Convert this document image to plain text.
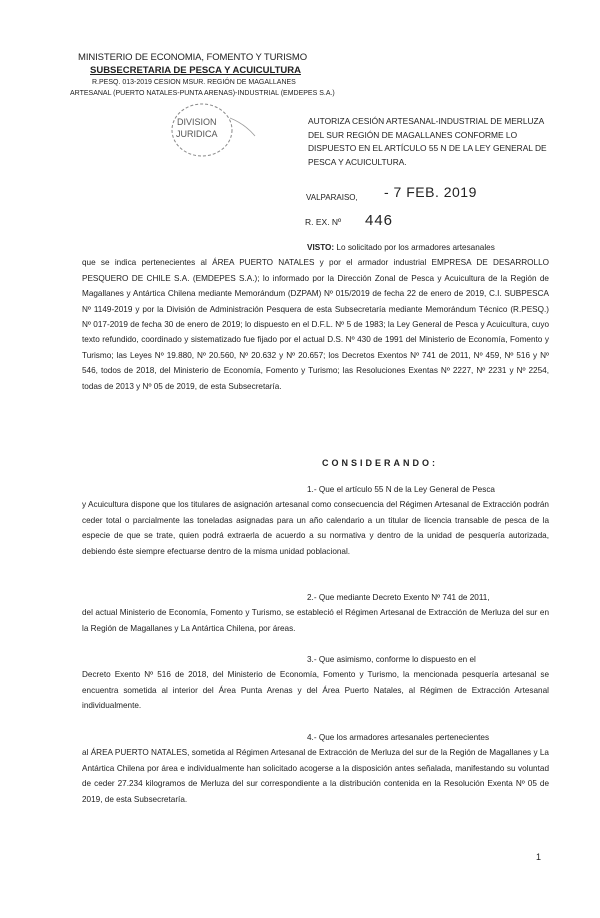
MINISTERIO DE ECONOMIA, FOMENTO Y TURISMO
SUBSECRETARIA DE PESCA Y ACUICULTURA
R.PESQ. 013-2019 CESION MSUR. REGIÓN DE MAGALLANES
ARTESANAL (PUERTO NATALES-PUNTA ARENAS)-INDUSTRIAL (EMDEPES S.A.)
DIVISION
JURIDICA
AUTORIZA CESIÓN ARTESANAL-INDUSTRIAL DE MERLUZA DEL SUR REGIÓN DE MAGALLANES CONFORME LO DISPUESTO EN EL ARTÍCULO 55 N DE LA LEY GENERAL DE PESCA Y ACUICULTURA.
VALPARAISO, - 7 FEB. 2019
R. EX. Nº 446
VISTO: Lo solicitado por los armadores artesanales
que se indica pertenecientes al ÁREA PUERTO NATALES y por el armador industrial EMPRESA DE DESARROLLO PESQUERO DE CHILE S.A. (EMDEPES S.A.); lo informado por la Dirección Zonal de Pesca y Acuicultura de la Región de Magallanes y Antártica Chilena mediante Memorándum (DZPAM) Nº 015/2019 de fecha 22 de enero de 2019, C.I. SUBPESCA Nº 1149-2019 y por la División de Administración Pesquera de esta Subsecretaría mediante Memorándum Técnico (R.PESQ.) Nº 017-2019 de fecha 30 de enero de 2019; lo dispuesto en el D.F.L. Nº 5 de 1983; la Ley General de Pesca y Acuicultura, cuyo texto refundido, coordinado y sistematizado fue fijado por el actual D.S. Nº 430 de 1991 del Ministerio de Economía, Fomento y Turismo; las Leyes Nº 19.880, Nº 20.560, Nº 20.632 y Nº 20.657; los Decretos Exentos Nº 741 de 2011, Nº 459, Nº 516 y Nº 546, todos de 2018, del Ministerio de Economía, Fomento y Turismo; las Resoluciones Exentas Nº 2227, Nº 2231 y Nº 2254, todas de 2013 y Nº 05 de 2019, de esta Subsecretaría.
CONSIDERANDO:
1.- Que el artículo 55 N de la Ley General de Pesca
y Acuicultura dispone que los titulares de asignación artesanal como consecuencia del Régimen Artesanal de Extracción podrán ceder total o parcialmente las toneladas asignadas para un año calendario a un titular de licencia transable de pesca de la especie de que se trate, quien podrá extraerla de acuerdo a su normativa y dentro de la unidad de pesquería autorizada, debiendo éste siempre efectuarse dentro de la misma unidad poblacional.
2.- Que mediante Decreto Exento Nº 741 de 2011,
del actual Ministerio de Economía, Fomento y Turismo, se estableció el Régimen Artesanal de Extracción de Merluza del sur en la Región de Magallanes y La Antártica Chilena, por áreas.
3.- Que asimismo, conforme lo dispuesto en el
Decreto Exento Nº 516 de 2018, del Ministerio de Economía, Fomento y Turismo, la mencionada pesquería artesanal se encuentra sometida al interior del Área Punta Arenas y del Área Puerto Natales, al Régimen de Extracción Artesanal individualmente.
4.- Que los armadores artesanales pertenecientes
al ÁREA PUERTO NATALES, sometida al Régimen Artesanal de Extracción de Merluza del sur de la Región de Magallanes y La Antártica Chilena por área e individualmente han solicitado acogerse a la disposición antes señalada, manifestando su voluntad de ceder 27.234 kilogramos de Merluza del sur correspondiente a la distribución contenida en la Resolución Exenta Nº 05 de 2019, de esta Subsecretaría.
1
